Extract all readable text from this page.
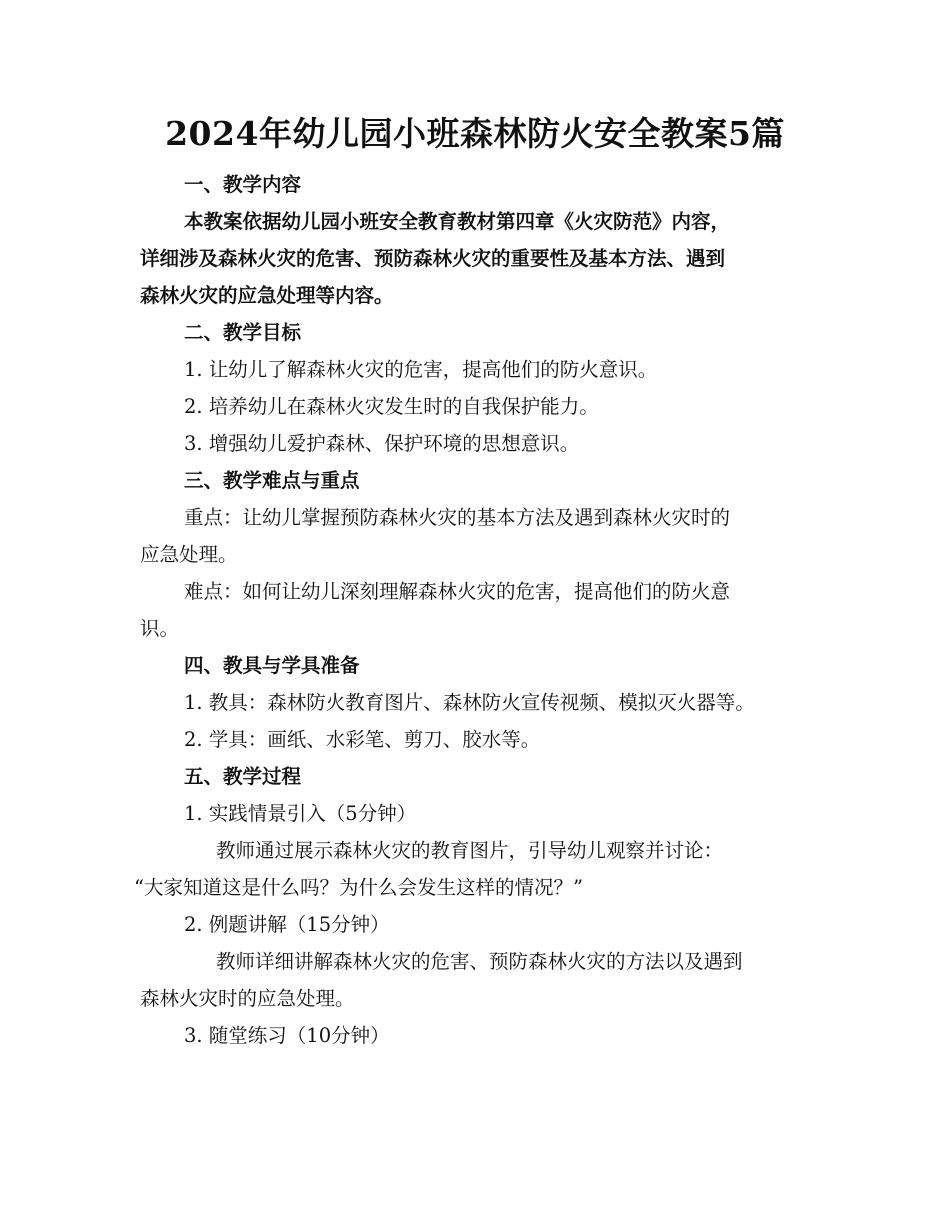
2024年幼儿园小班森林防火安全教案5篇

一、教学内容

本教案依据幼儿园小班安全教育教材第四章《火灾防范》内容，

详细涉及森林火灾的危害、预防森林火灾的重要性及基本方法、遇到

森林火灾的应急处理等内容。

二、教学目标

1. 让幼儿了解森林火灾的危害，提高他们的防火意识。

2. 培养幼儿在森林火灾发生时的自我保护能力。

3. 增强幼儿爱护森林、保护环境的思想意识。

三、教学难点与重点

重点：让幼儿掌握预防森林火灾的基本方法及遇到森林火灾时的

应急处理。

难点：如何让幼儿深刻理解森林火灾的危害，提高他们的防火意

识。

四、教具与学具准备

1. 教具：森林防火教育图片、森林防火宣传视频、模拟灭火器等。

2. 学具：画纸、水彩笔、剪刀、胶水等。

五、教学过程

1. 实践情景引入（5分钟）

教师通过展示森林火灾的教育图片，引导幼儿观察并讨论：

“大家知道这是什么吗？为什么会发生这样的情况？”

2. 例题讲解（15分钟）

教师详细讲解森林火灾的危害、预防森林火灾的方法以及遇到

森林火灾时的应急处理。

3. 随堂练习（10分钟）
